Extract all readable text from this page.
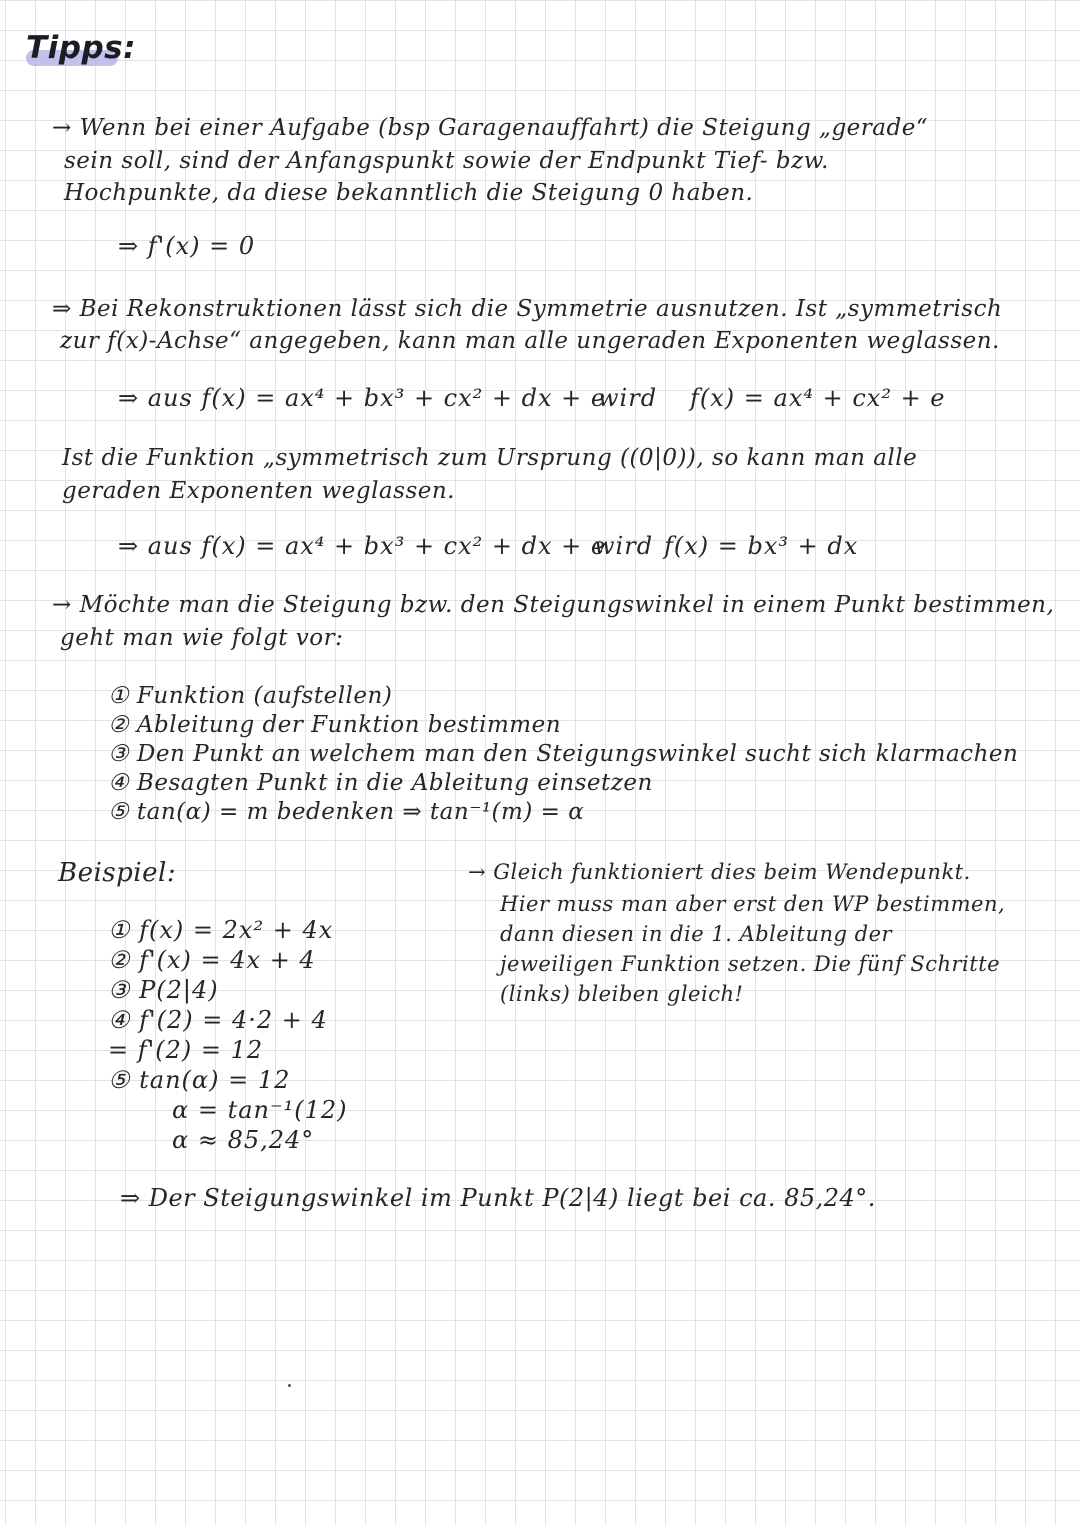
Tipps:
→ Wenn bei einer Aufgabe (bsp Garagenauffahrt) die Steigung „gerade“
sein soll, sind der Anfangspunkt sowie der Endpunkt Tief- bzw.
Hochpunkte, da diese bekanntlich die Steigung 0 haben.
⇒ f'(x) = 0
⇒ Bei Rekonstruktionen lässt sich die Symmetrie ausnutzen. Ist „symmetrisch
zur f(x)-Achse“ angegeben, kann man alle ungeraden Exponenten weglassen.
⇒ aus f(x) = ax⁴ + bx³ + cx² + dx + e
wird f(x) = ax⁴ + cx² + e
Ist die Funktion „symmetrisch zum Ursprung ((0|0)), so kann man alle
geraden Exponenten weglassen.
⇒ aus f(x) = ax⁴ + bx³ + cx² + dx + e
wird f(x) = bx³ + dx
→ Möchte man die Steigung bzw. den Steigungswinkel in einem Punkt bestimmen,
geht man wie folgt vor:
① Funktion (aufstellen)
② Ableitung der Funktion bestimmen
③ Den Punkt an welchem man den Steigungswinkel sucht sich klarmachen
④ Besagten Punkt in die Ableitung einsetzen
⑤ tan(α) = m bedenken ⇒ tan⁻¹(m) = α
Beispiel:
① f(x) = 2x² + 4x
② f'(x) = 4x + 4
③ P(2|4)
④ f'(2) = 4·2 + 4
= f'(2) = 12
⑤ tan(α) = 12
α = tan⁻¹(12)
α ≈ 85,24°
⇒ Der Steigungswinkel im Punkt P(2|4) liegt bei ca. 85,24°.
→ Gleich funktioniert dies beim Wendepunkt.
Hier muss man aber erst den WP bestimmen,
dann diesen in die 1. Ableitung der
jeweiligen Funktion setzen. Die fünf Schritte
(links) bleiben gleich!
